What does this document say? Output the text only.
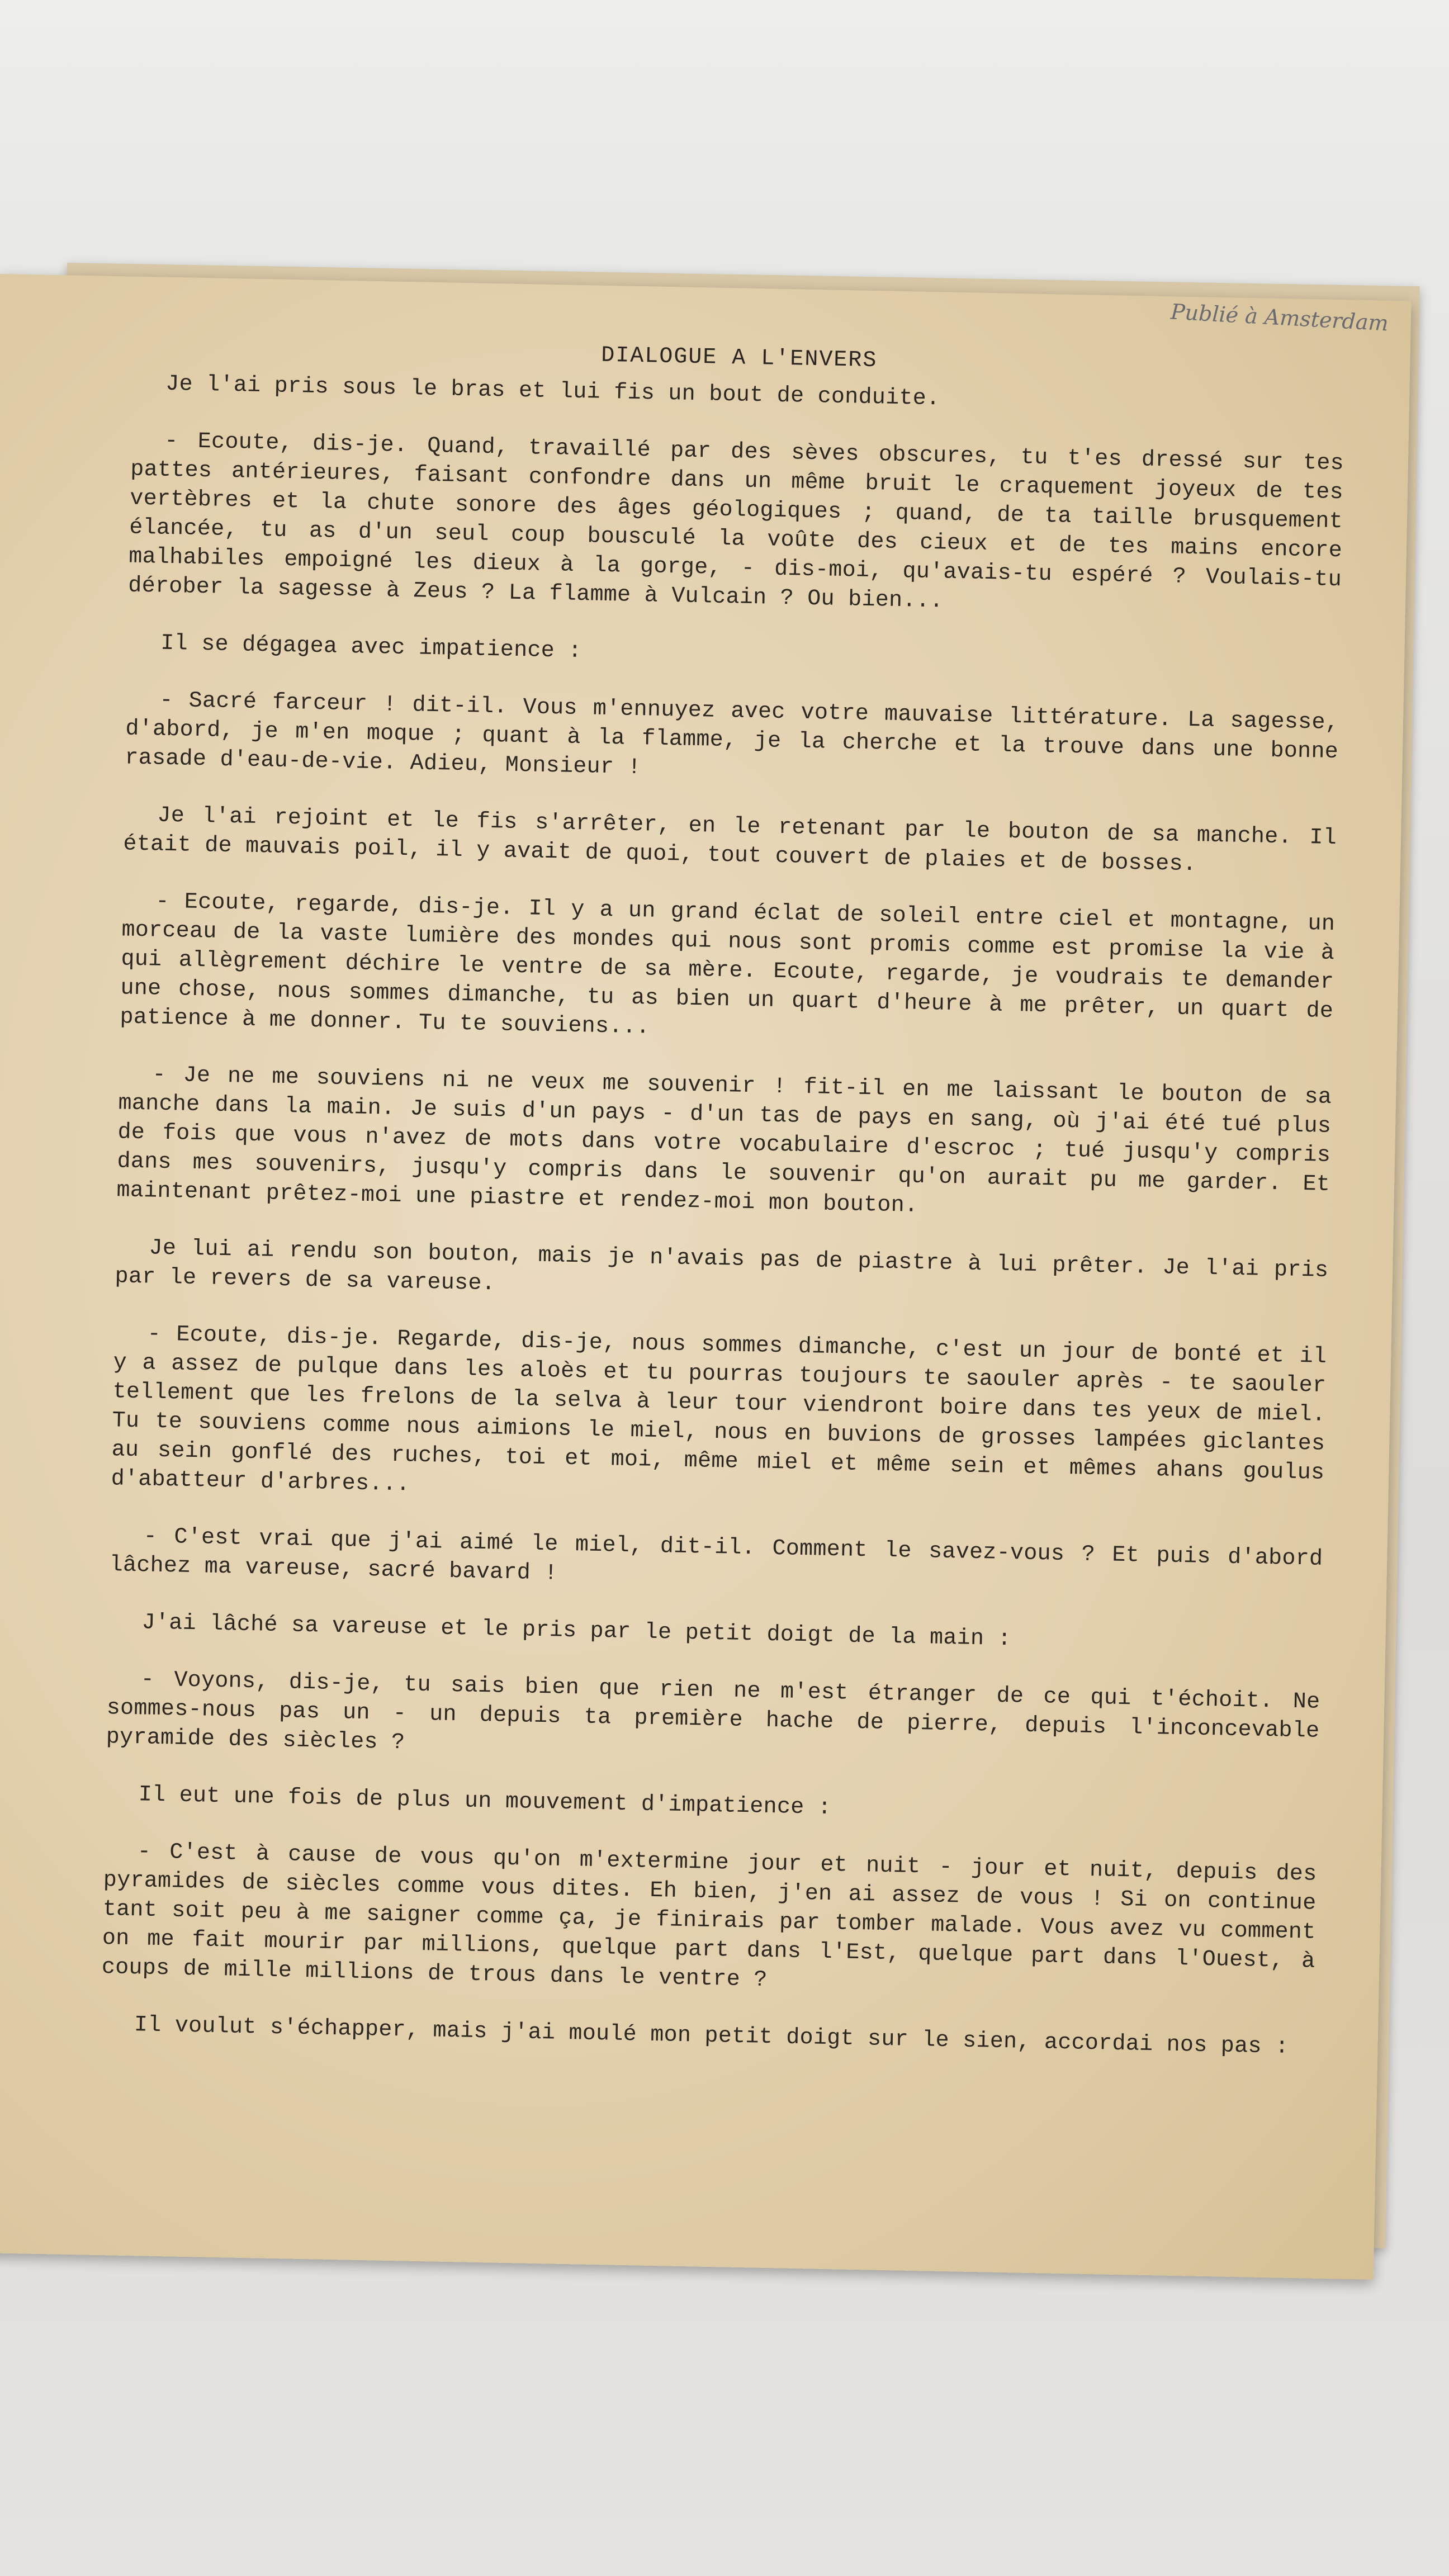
Publié à Amsterdam
DIALOGUE A L'ENVERS

Je l'ai pris sous le bras et lui fis un bout de conduite.

- Ecoute, dis-je. Quand, travaillé par des sèves obscures, tu t'es dressé sur tes pattes antérieures, faisant confondre dans un même bruit le craquement joyeux de tes vertèbres et la chute sonore des âges géologiques ; quand, de ta taille brusquement élancée, tu as d'un seul coup bousculé la voûte des cieux et de tes mains encore malhabiles empoigné les dieux à la gorge, - dis-moi, qu'avais-tu espéré ? Voulais-tu dérober la sagesse à Zeus ? La flamme à Vulcain ? Ou bien...

Il se dégagea avec impatience :

- Sacré farceur ! dit-il. Vous m'ennuyez avec votre mauvaise littérature. La sagesse, d'abord, je m'en moque ; quant à la flamme, je la cherche et la trouve dans une bonne rasade d'eau-de-vie. Adieu, Monsieur !

Je l'ai rejoint et le fis s'arrêter, en le retenant par le bouton de sa manche. Il était de mauvais poil, il y avait de quoi, tout couvert de plaies et de bosses.

- Ecoute, regarde, dis-je. Il y a un grand éclat de soleil entre ciel et montagne, un morceau de la vaste lumière des mondes qui nous sont promis comme est promise la vie à qui allègrement déchire le ventre de sa mère. Ecoute, regarde, je voudrais te demander une chose, nous sommes dimanche, tu as bien un quart d'heure à me prêter, un quart de patience à me donner. Tu te souviens...

- Je ne me souviens ni ne veux me souvenir ! fit-il en me laissant le bouton de sa manche dans la main. Je suis d'un pays - d'un tas de pays en sang, où j'ai été tué plus de fois que vous n'avez de mots dans votre vocabulaire d'escroc ; tué jusqu'y compris dans mes souvenirs, jusqu'y compris dans le souvenir qu'on aurait pu me garder. Et maintenant prêtez-moi une piastre et rendez-moi mon bouton.

Je lui ai rendu son bouton, mais je n'avais pas de piastre à lui prêter. Je l'ai pris par le revers de sa vareuse.

- Ecoute, dis-je. Regarde, dis-je, nous sommes dimanche, c'est un jour de bonté et il y a assez de pulque dans les aloès et tu pourras toujours te saouler après - te saouler tellement que les frelons de la selva à leur tour viendront boire dans tes yeux de miel. Tu te souviens comme nous aimions le miel, nous en buvions de grosses lampées giclantes au sein gonflé des ruches, toi et moi, même miel et même sein et mêmes ahans goulus d'abatteur d'arbres...

- C'est vrai que j'ai aimé le miel, dit-il. Comment le savez-vous ? Et puis d'abord lâchez ma vareuse, sacré bavard !

J'ai lâché sa vareuse et le pris par le petit doigt de la main :

- Voyons, dis-je, tu sais bien que rien ne m'est étranger de ce qui t'échoit. Ne sommes-nous pas un - un depuis ta première hache de pierre, depuis l'inconcevable pyramide des siècles ?

Il eut une fois de plus un mouvement d'impatience :

- C'est à cause de vous qu'on m'extermine jour et nuit - jour et nuit, depuis des pyramides de siècles comme vous dites. Eh bien, j'en ai assez de vous ! Si on continue tant soit peu à me saigner comme ça, je finirais par tomber malade. Vous avez vu comment on me fait mourir par millions, quelque part dans l'Est, quelque part dans l'Ouest, à coups de mille millions de trous dans le ventre ?

Il voulut s'échapper, mais j'ai moulé mon petit doigt sur le sien, accordai nos pas :
